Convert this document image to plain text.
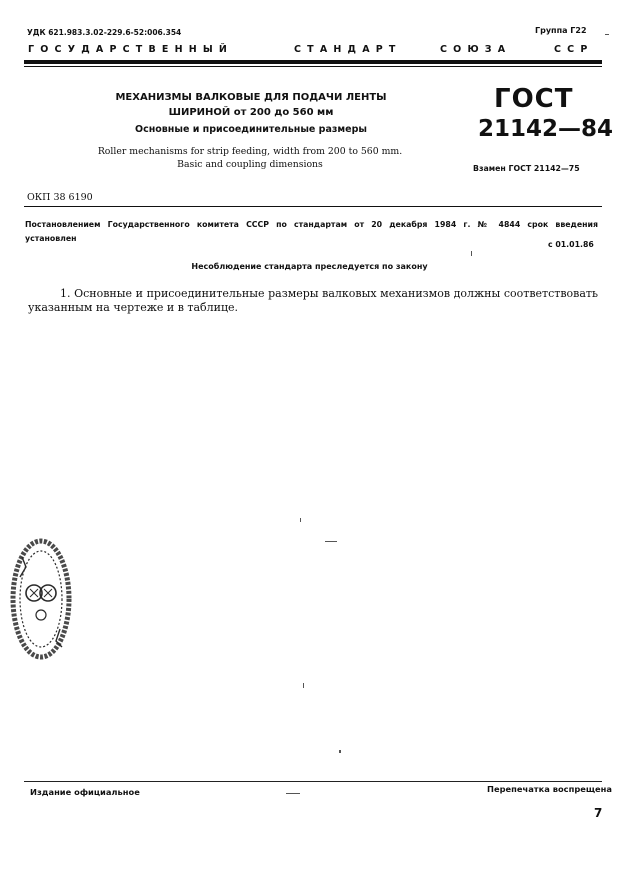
УДК 621.983.3.02-229.6-52:006.354	Группа Г22
ГОСУДАРСТВЕННЫЙ	СТАНДАРТ	СОЮЗА	ССР
МЕХАНИЗМЫ ВАЛКОВЫЕ ДЛЯ ПОДАЧИ ЛЕНТЫ
ШИРИНОЙ от 200 до 560 мм
Основные и присоединительные размеры
Roller mechanisms for strip feeding, width from 200 to 560 mm.
Basic and coupling dimensions
ГОСТ
21142—84
Взамен ГОСТ 21142—75
ОКП 38 6190
Постановлением Государственного комитета СССР по стандартам от 20 декабря 1984 г. № 4844 срок введения
установлен
с 01.01.86
Несоблюдение стандарта преследуется по закону
1. Основные и присоединительные размеры валковых механизмов должны соответствовать
указанным на чертеже и в таблице.
Издание официальное	Перепечатка воспрещена
7
